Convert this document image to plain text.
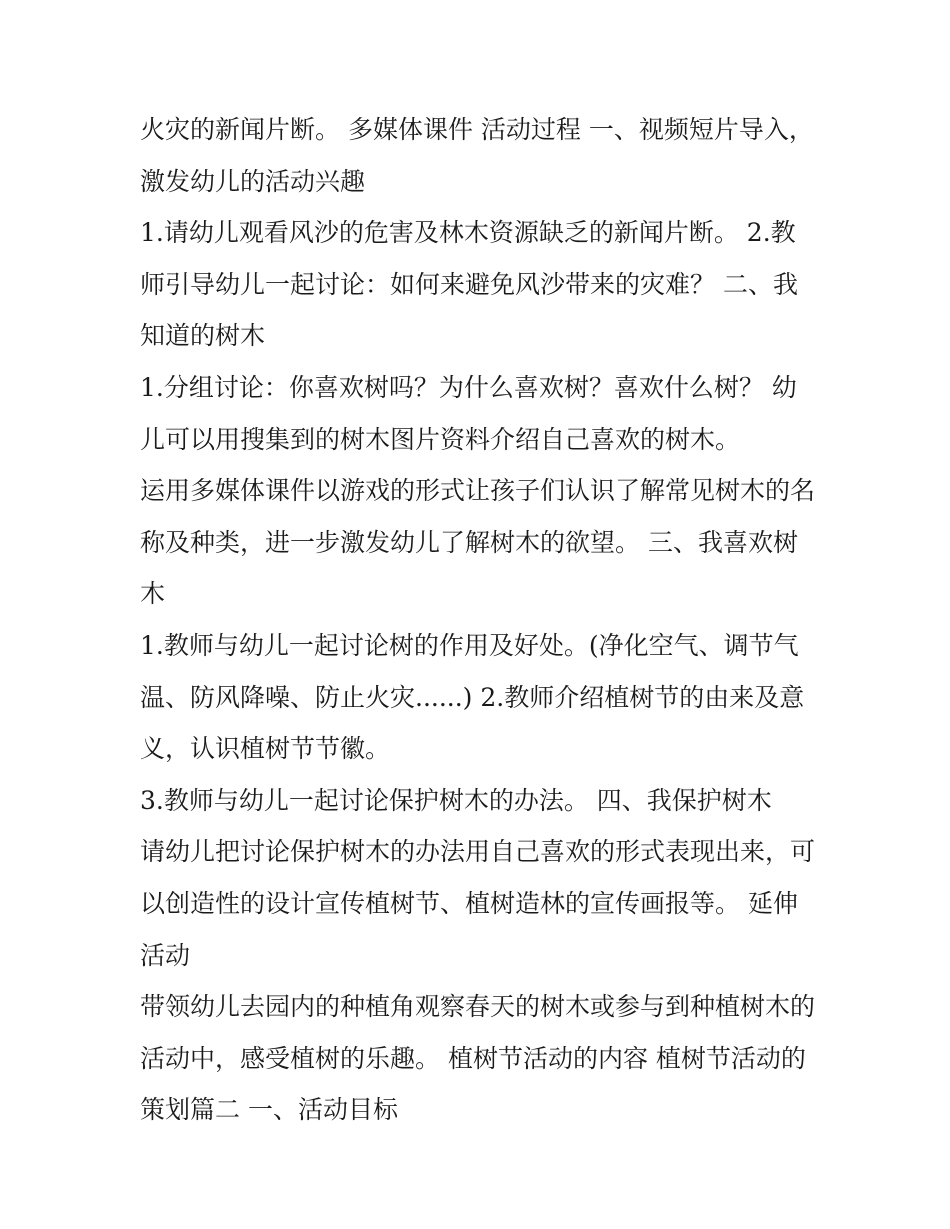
火灾的新闻片断。 多媒体课件 活动过程 一、视频短片导入，激发幼儿的活动兴趣

1.请幼儿观看风沙的危害及林木资源缺乏的新闻片断。 2.教师引导幼儿一起讨论：如何来避免风沙带来的灾难？ 二、我知道的树木

1.分组讨论：你喜欢树吗？为什么喜欢树？喜欢什么树？ 幼儿可以用搜集到的树木图片资料介绍自己喜欢的树木。

运用多媒体课件以游戏的形式让孩子们认识了解常见树木的名称及种类，进一步激发幼儿了解树木的欲望。 三、我喜欢树木

1.教师与幼儿一起讨论树的作用及好处。(净化空气、调节气温、防风降噪、防止火灾......) 2.教师介绍植树节的由来及意义，认识植树节节徽。

3.教师与幼儿一起讨论保护树木的办法。 四、我保护树木

请幼儿把讨论保护树木的办法用自己喜欢的形式表现出来，可以创造性的设计宣传植树节、植树造林的宣传画报等。 延伸活动

带领幼儿去园内的种植角观察春天的树木或参与到种植树木的活动中，感受植树的乐趣。 植树节活动的内容 植树节活动的策划篇二 一、活动目标
